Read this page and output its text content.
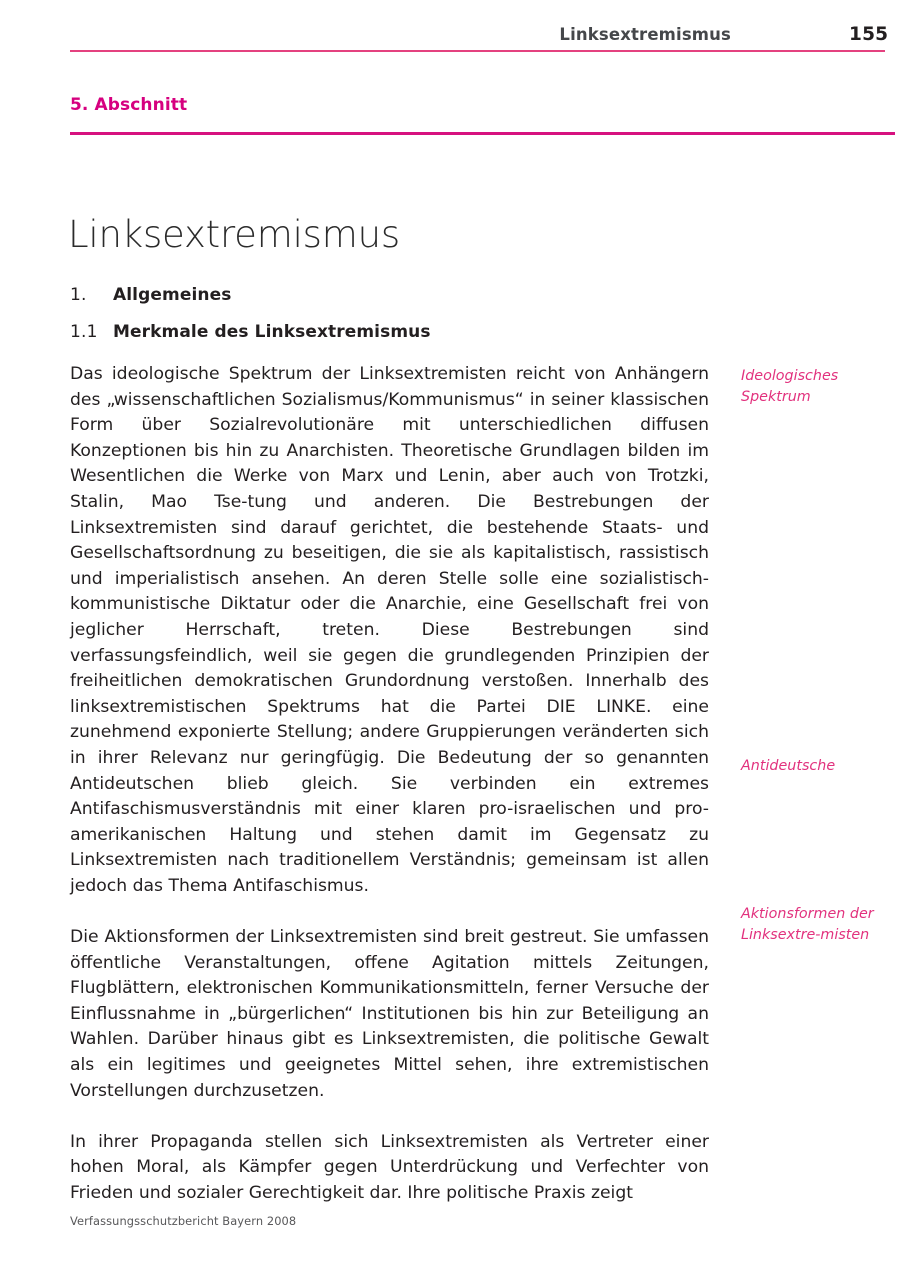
Linksextremismus	155
5. Abschnitt
Linksextremismus
1.	Allgemeines
1.1 Merkmale des Linksextremismus

Das ideologische Spektrum der Linksextremisten reicht von Anhängern des „wissenschaftlichen Sozialismus/Kommunismus“ in seiner klassischen Form über Sozialrevolutionäre mit unterschiedlichen diffusen Konzeptionen bis hin zu Anarchisten. Theoretische Grundlagen bilden im Wesentlichen die Werke von Marx und Lenin, aber auch von Trotzki, Stalin, Mao Tse-tung und anderen. Die Bestrebungen der Linksextremisten sind darauf gerichtet, die bestehende Staats- und Gesellschaftsordnung zu beseitigen, die sie als kapitalistisch, rassistisch und imperialistisch ansehen. An deren Stelle solle eine sozialistisch-kommunistische Diktatur oder die Anarchie, eine Gesellschaft frei von jeglicher Herrschaft, treten. Diese Bestrebungen sind verfassungsfeindlich, weil sie gegen die grundlegenden Prinzipien der freiheitlichen demokratischen Grundordnung verstoßen. Innerhalb des linksextremistischen Spektrums hat die Partei DIE LINKE. eine zunehmend exponierte Stellung; andere Gruppierungen veränderten sich in ihrer Relevanz nur geringfügig. Die Bedeutung der so genannten Antideutschen blieb gleich. Sie verbinden ein extremes Antifaschismusverständnis mit einer klaren pro-israelischen und pro-amerikanischen Haltung und stehen damit im Gegensatz zu Linksextremisten nach traditionellem Verständnis; gemeinsam ist allen jedoch das Thema Antifaschismus.

Die Aktionsformen der Linksextremisten sind breit gestreut. Sie umfassen öffentliche Veranstaltungen, offene Agitation mittels Zeitungen, Flugblättern, elektronischen Kommunikationsmitteln, ferner Versuche der Einflussnahme in „bürgerlichen“ Institutionen bis hin zur Beteiligung an Wahlen. Darüber hinaus gibt es Linksextremisten, die politische Gewalt als ein legitimes und geeignetes Mittel sehen, ihre extremistischen Vorstellungen durchzusetzen.

In ihrer Propaganda stellen sich Linksextremisten als Vertreter einer hohen Moral, als Kämpfer gegen Unterdrückung und Verfechter von Frieden und sozialer Gerechtigkeit dar. Ihre politische Praxis zeigt

Ideologisches Spektrum
Antideutsche
Aktionsformen der Linksextre-misten
Verfassungsschutzbericht Bayern 2008
